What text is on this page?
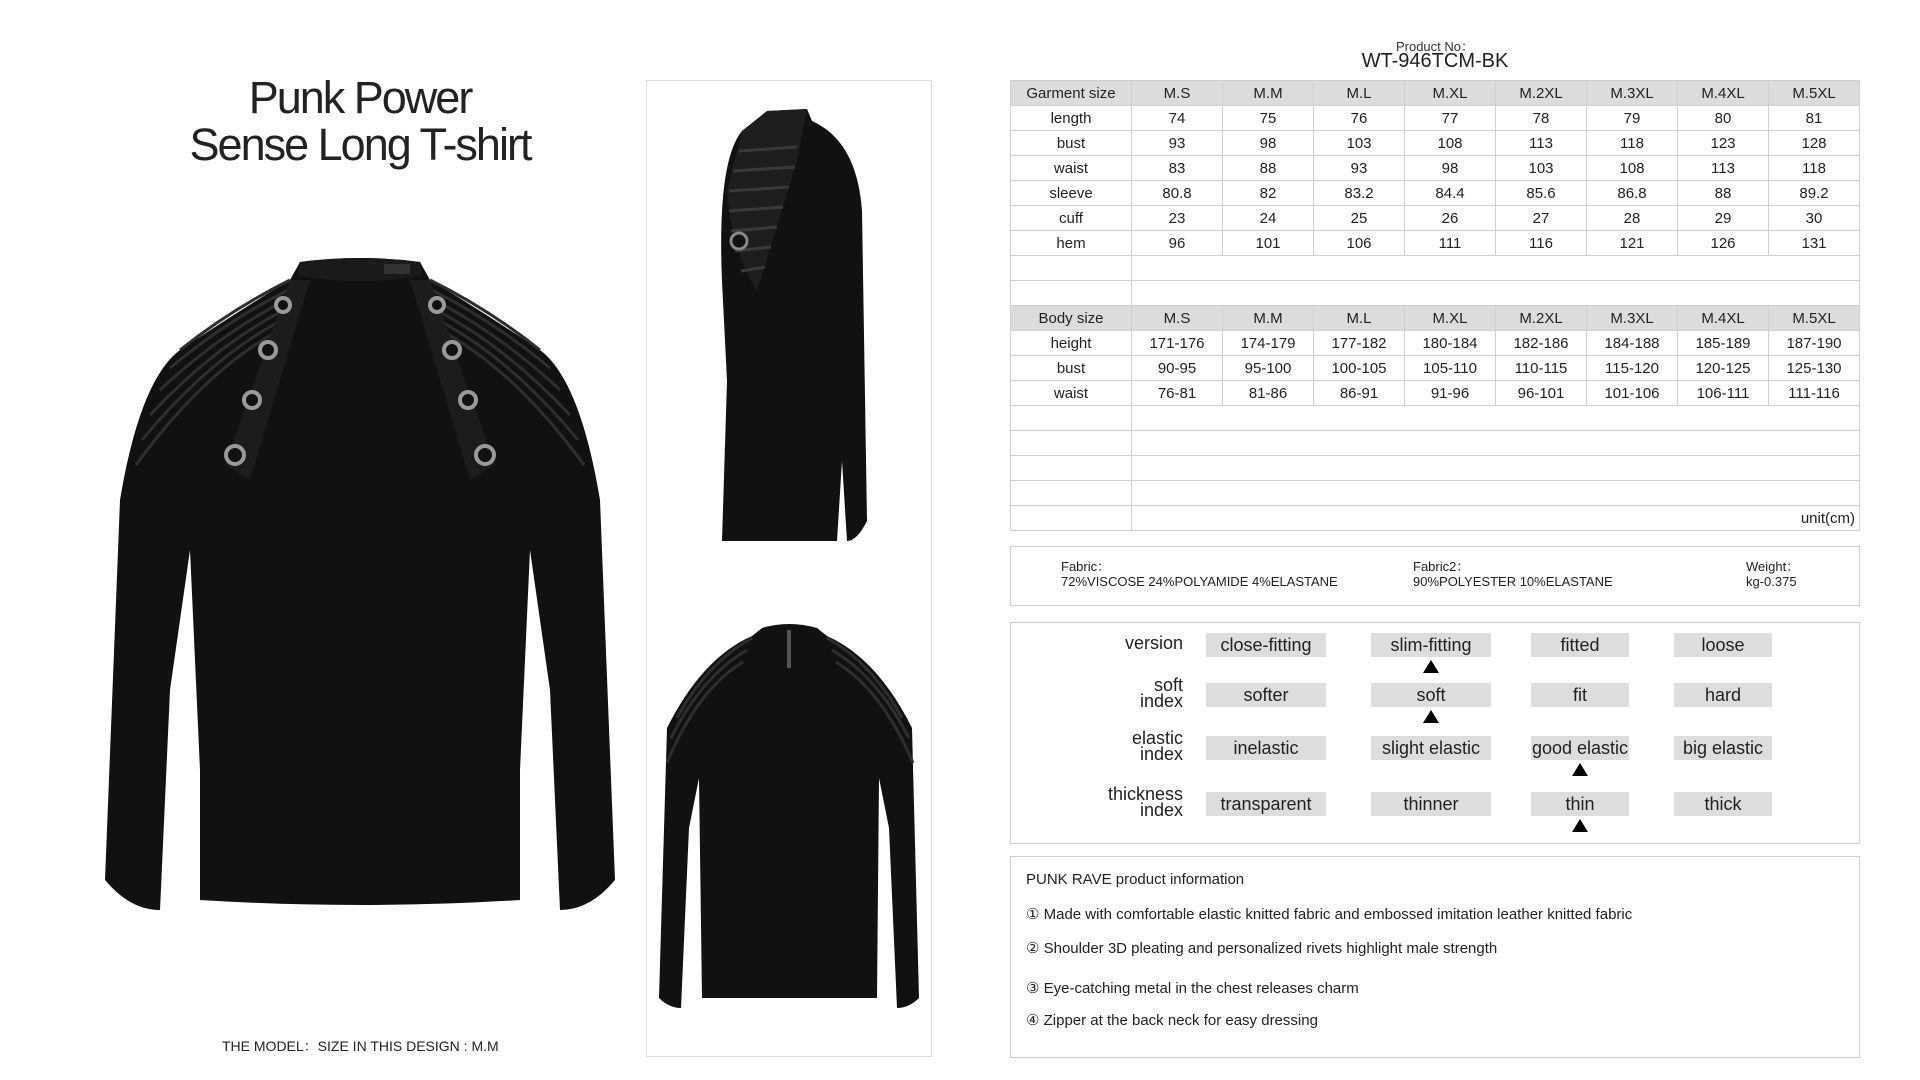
Punk Power
Sense Long T-shirt
THE MODEL：SIZE IN THIS DESIGN : M.M
Product No：
WT-946TCM-BK
Garment size	M.S	M.M	M.L	M.XL	M.2XL	M.3XL	M.4XL	M.5XL
length	74	75	76	77	78	79	80	81
bust	93	98	103	108	113	118	123	128
waist	83	88	93	98	103	108	113	118
sleeve	80.8	82	83.2	84.4	85.6	86.8	88	89.2
cuff	23	24	25	26	27	28	29	30
hem	96	101	106	111	116	121	126	131

Body size	M.S	M.M	M.L	M.XL	M.2XL	M.3XL	M.4XL	M.5XL
height	171-176	174-179	177-182	180-184	182-186	184-188	185-189	187-190
bust	90-95	95-100	100-105	105-110	110-115	115-120	120-125	125-130
waist	76-81	81-86	86-91	91-96	96-101	101-106	106-111	111-116

	unit(cm)							
Fabric：
72%VISCOSE 24%POLYAMIDE 4%ELASTANE
Fabric2：
90%POLYESTER 10%ELASTANE
Weight：
kg-0.375
version	close-fitting	slim-fitting	fitted	loose
soft
index	softer	soft	fit	hard
elastic
index	inelastic	slight elastic	good elastic	big elastic
thickness
index	transparent	thinner	thin	thick
PUNK RAVE product information
① Made with comfortable elastic knitted fabric and embossed imitation leather knitted fabric
② Shoulder 3D pleating and personalized rivets highlight male strength
③ Eye-catching metal in the chest releases charm
④ Zipper at the back neck for easy dressing
